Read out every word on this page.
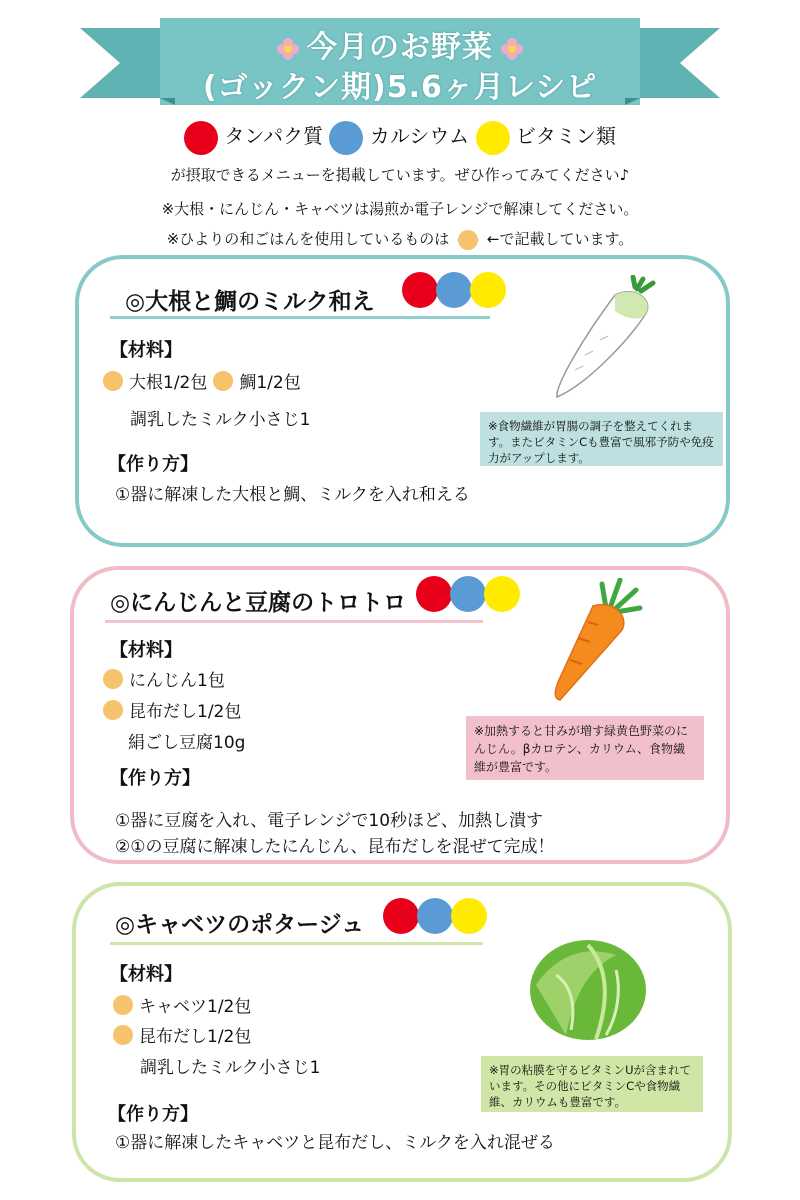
今月のお野菜
(ゴックン期)5.6ヶ月レシピ
タンパク質 カルシウム ビタミン類
が摂取できるメニューを掲載しています。ぜひ作ってみてください♪
※大根・にんじん・キャベツは湯煎か電子レンジで解凍してください。
※ひよりの和ごはんを使用しているものは	←で記載しています。
◎大根と鯛のミルク和え
【材料】
大根1/2包 鯛1/2包
調乳したミルク小さじ1
【作り方】
①器に解凍した大根と鯛、ミルクを入れ和える
※食物繊維が胃腸の調子を整えてくれます。またビタミンCも豊富で風邪予防や免疫力がアップします。
◎にんじんと豆腐のトロトロ
【材料】
にんじん1包
昆布だし1/2包
絹ごし豆腐10g
【作り方】
①器に豆腐を入れ、電子レンジで10秒ほど、加熱し潰す
②①の豆腐に解凍したにんじん、昆布だしを混ぜて完成！
※加熱すると甘みが増す緑黄色野菜のにんじん。βカロテン、カリウム、食物繊維が豊富です。
◎キャベツのポタージュ
【材料】
キャベツ1/2包
昆布だし1/2包
調乳したミルク小さじ1
【作り方】
①器に解凍したキャベツと昆布だし、ミルクを入れ混ぜる
※胃の粘膜を守るビタミンUが含まれています。その他にビタミンCや食物繊維、カリウムも豊富です。
